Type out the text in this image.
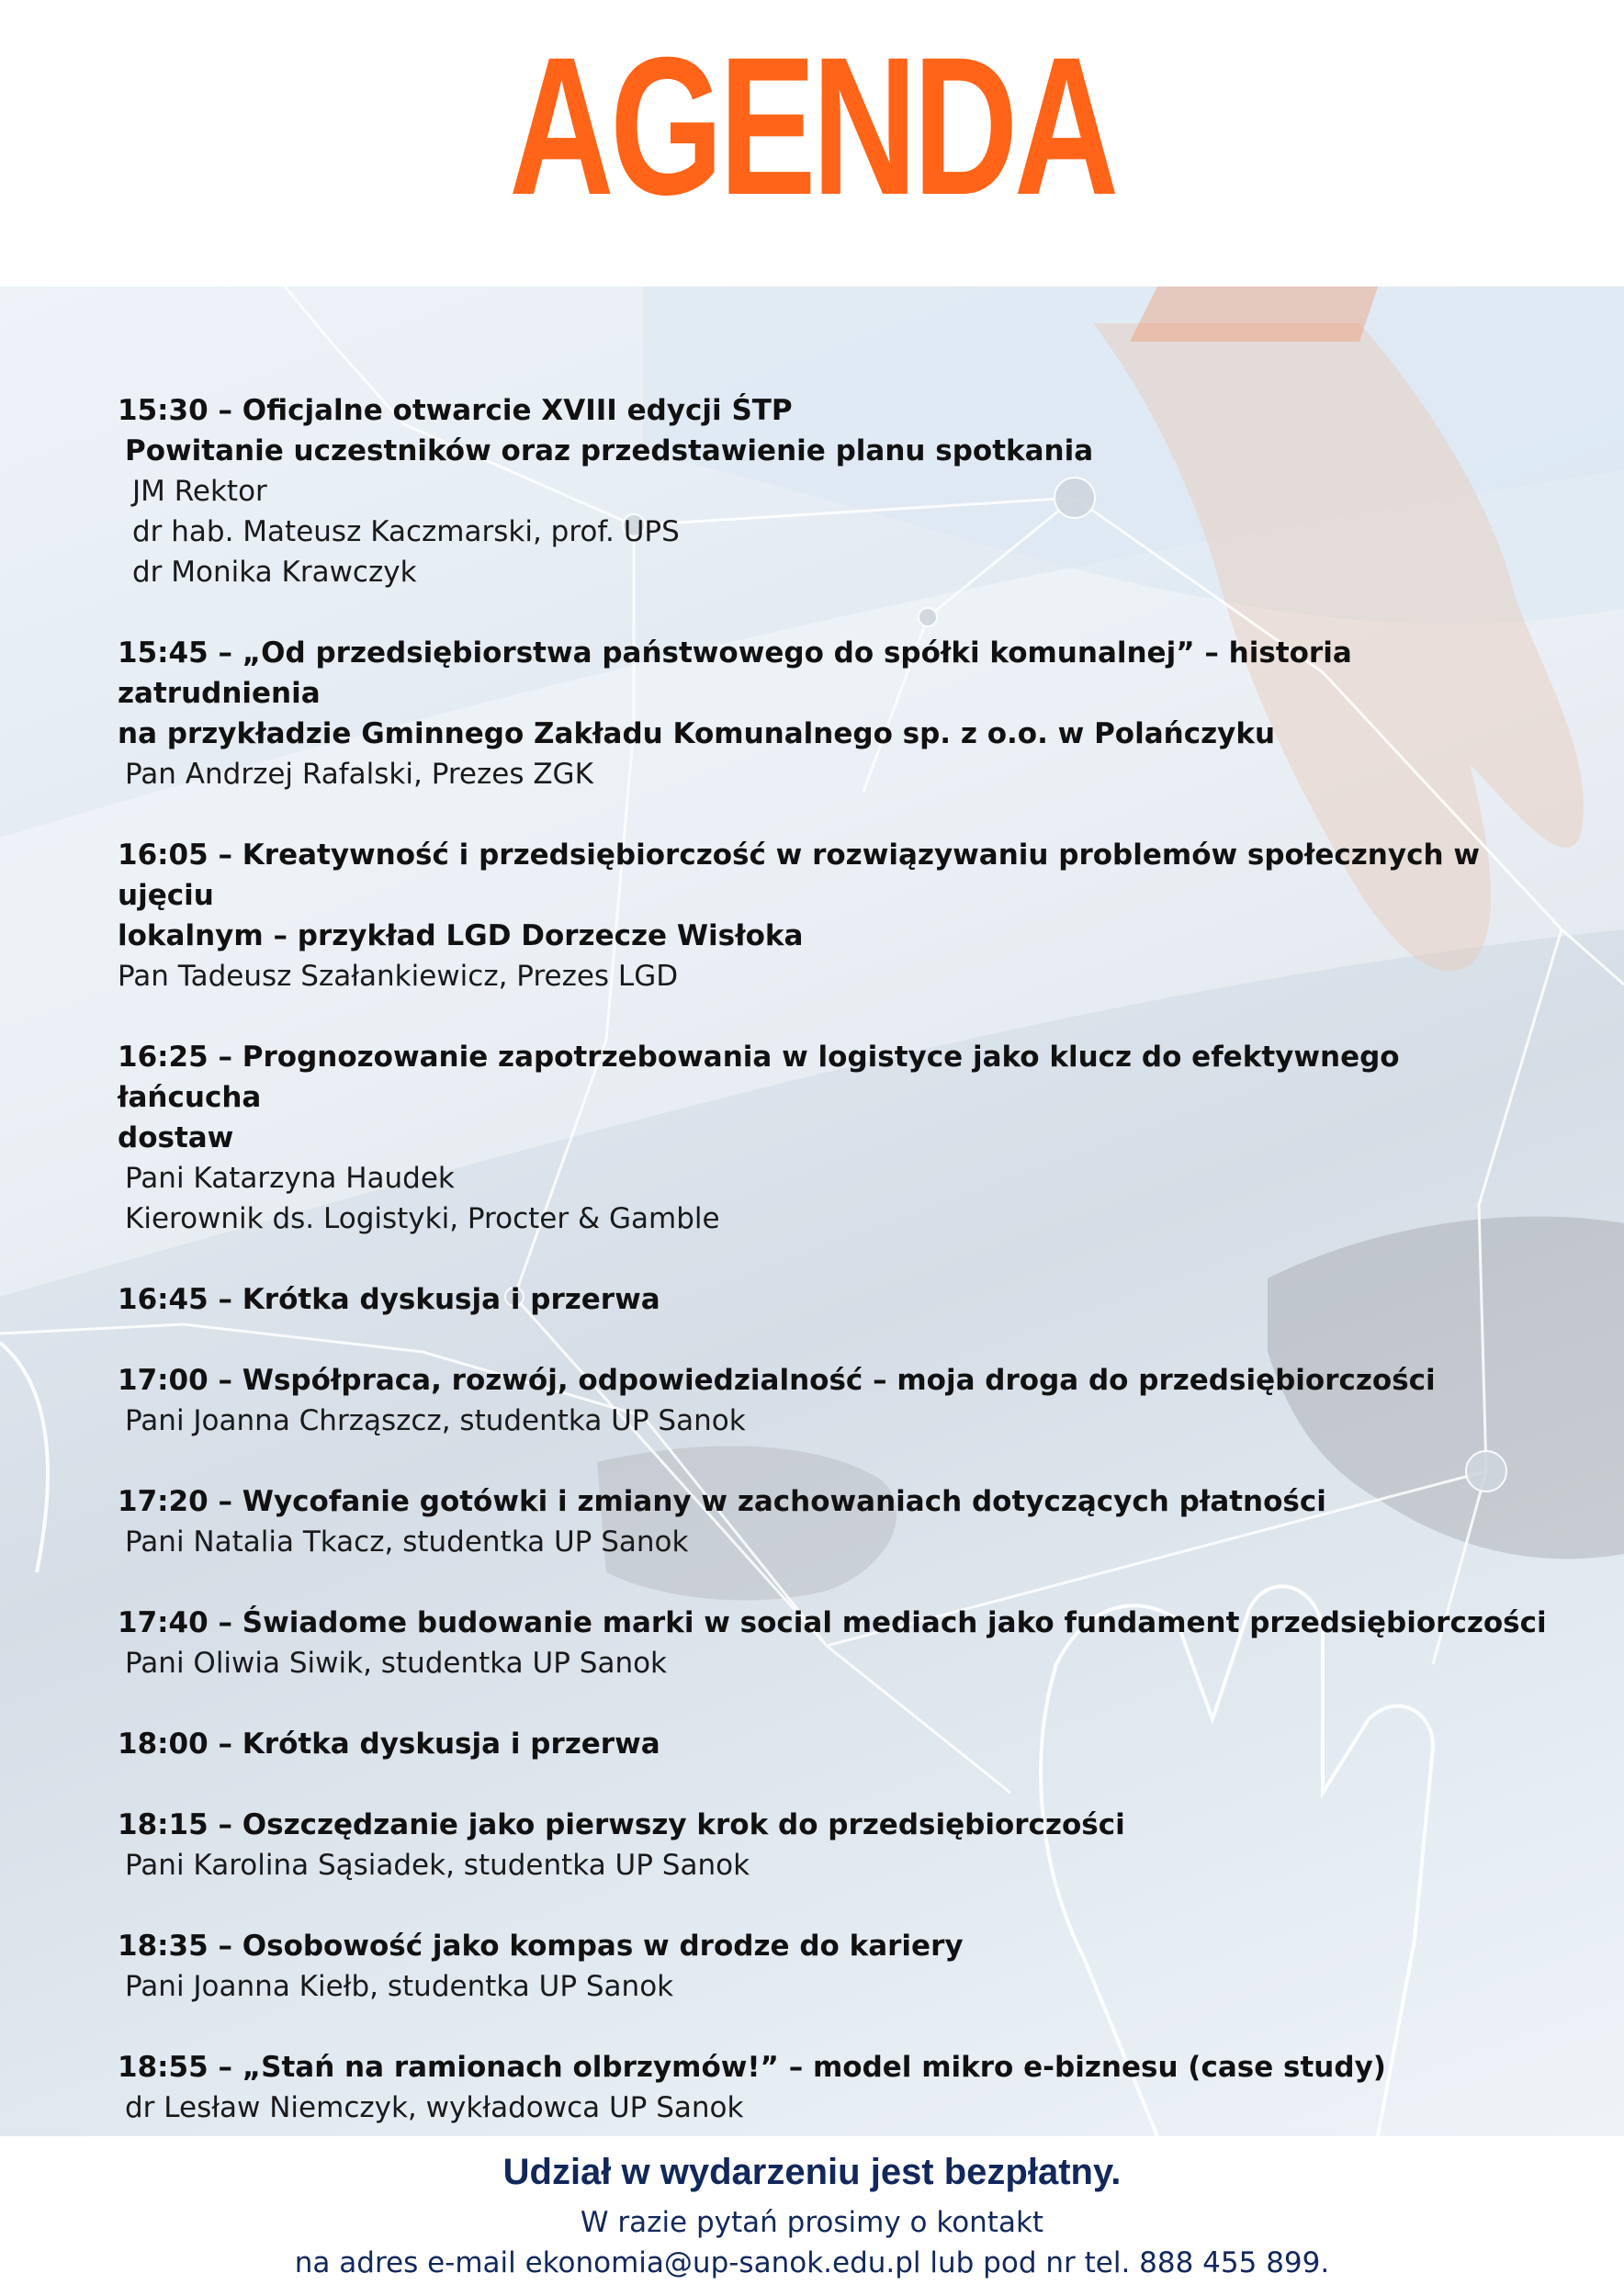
AGENDA
15:30 – Oficjalne otwarcie XVIII edycji ŚTP
Powitanie uczestników oraz przedstawienie planu spotkania
JM Rektor
dr hab. Mateusz Kaczmarski, prof. UPS
dr Monika Krawczyk
15:45 – „Od przedsiębiorstwa państwowego do spółki komunalnej” – historia zatrudnienia
na przykładzie Gminnego Zakładu Komunalnego sp. z o.o. w Polańczyku
Pan Andrzej Rafalski, Prezes ZGK
16:05 – Kreatywność i przedsiębiorczość w rozwiązywaniu problemów społecznych w ujęciu
lokalnym – przykład LGD Dorzecze Wisłoka
Pan Tadeusz Szałankiewicz, Prezes LGD
16:25 – Prognozowanie zapotrzebowania w logistyce jako klucz do efektywnego łańcucha
dostaw
Pani Katarzyna Haudek
Kierownik ds. Logistyki, Procter & Gamble
16:45 – Krótka dyskusja i przerwa
17:00 – Współpraca, rozwój, odpowiedzialność – moja droga do przedsiębiorczości
Pani Joanna Chrząszcz, studentka UP Sanok
17:20 – Wycofanie gotówki i zmiany w zachowaniach dotyczących płatności
Pani Natalia Tkacz, studentka UP Sanok
17:40 – Świadome budowanie marki w social mediach jako fundament przedsiębiorczości
Pani Oliwia Siwik, studentka UP Sanok
18:00 – Krótka dyskusja i przerwa
18:15 – Oszczędzanie jako pierwszy krok do przedsiębiorczości
Pani Karolina Sąsiadek, studentka UP Sanok
18:35 – Osobowość jako kompas w drodze do kariery
Pani Joanna Kiełb, studentka UP Sanok
18:55 – „Stań na ramionach olbrzymów!” – model mikro e-biznesu (case study)
dr Lesław Niemczyk, wykładowca UP Sanok
Udział w wydarzeniu jest bezpłatny.
W razie pytań prosimy o kontakt
na adres e-mail ekonomia@up-sanok.edu.pl lub pod nr tel. 888 455 899.
